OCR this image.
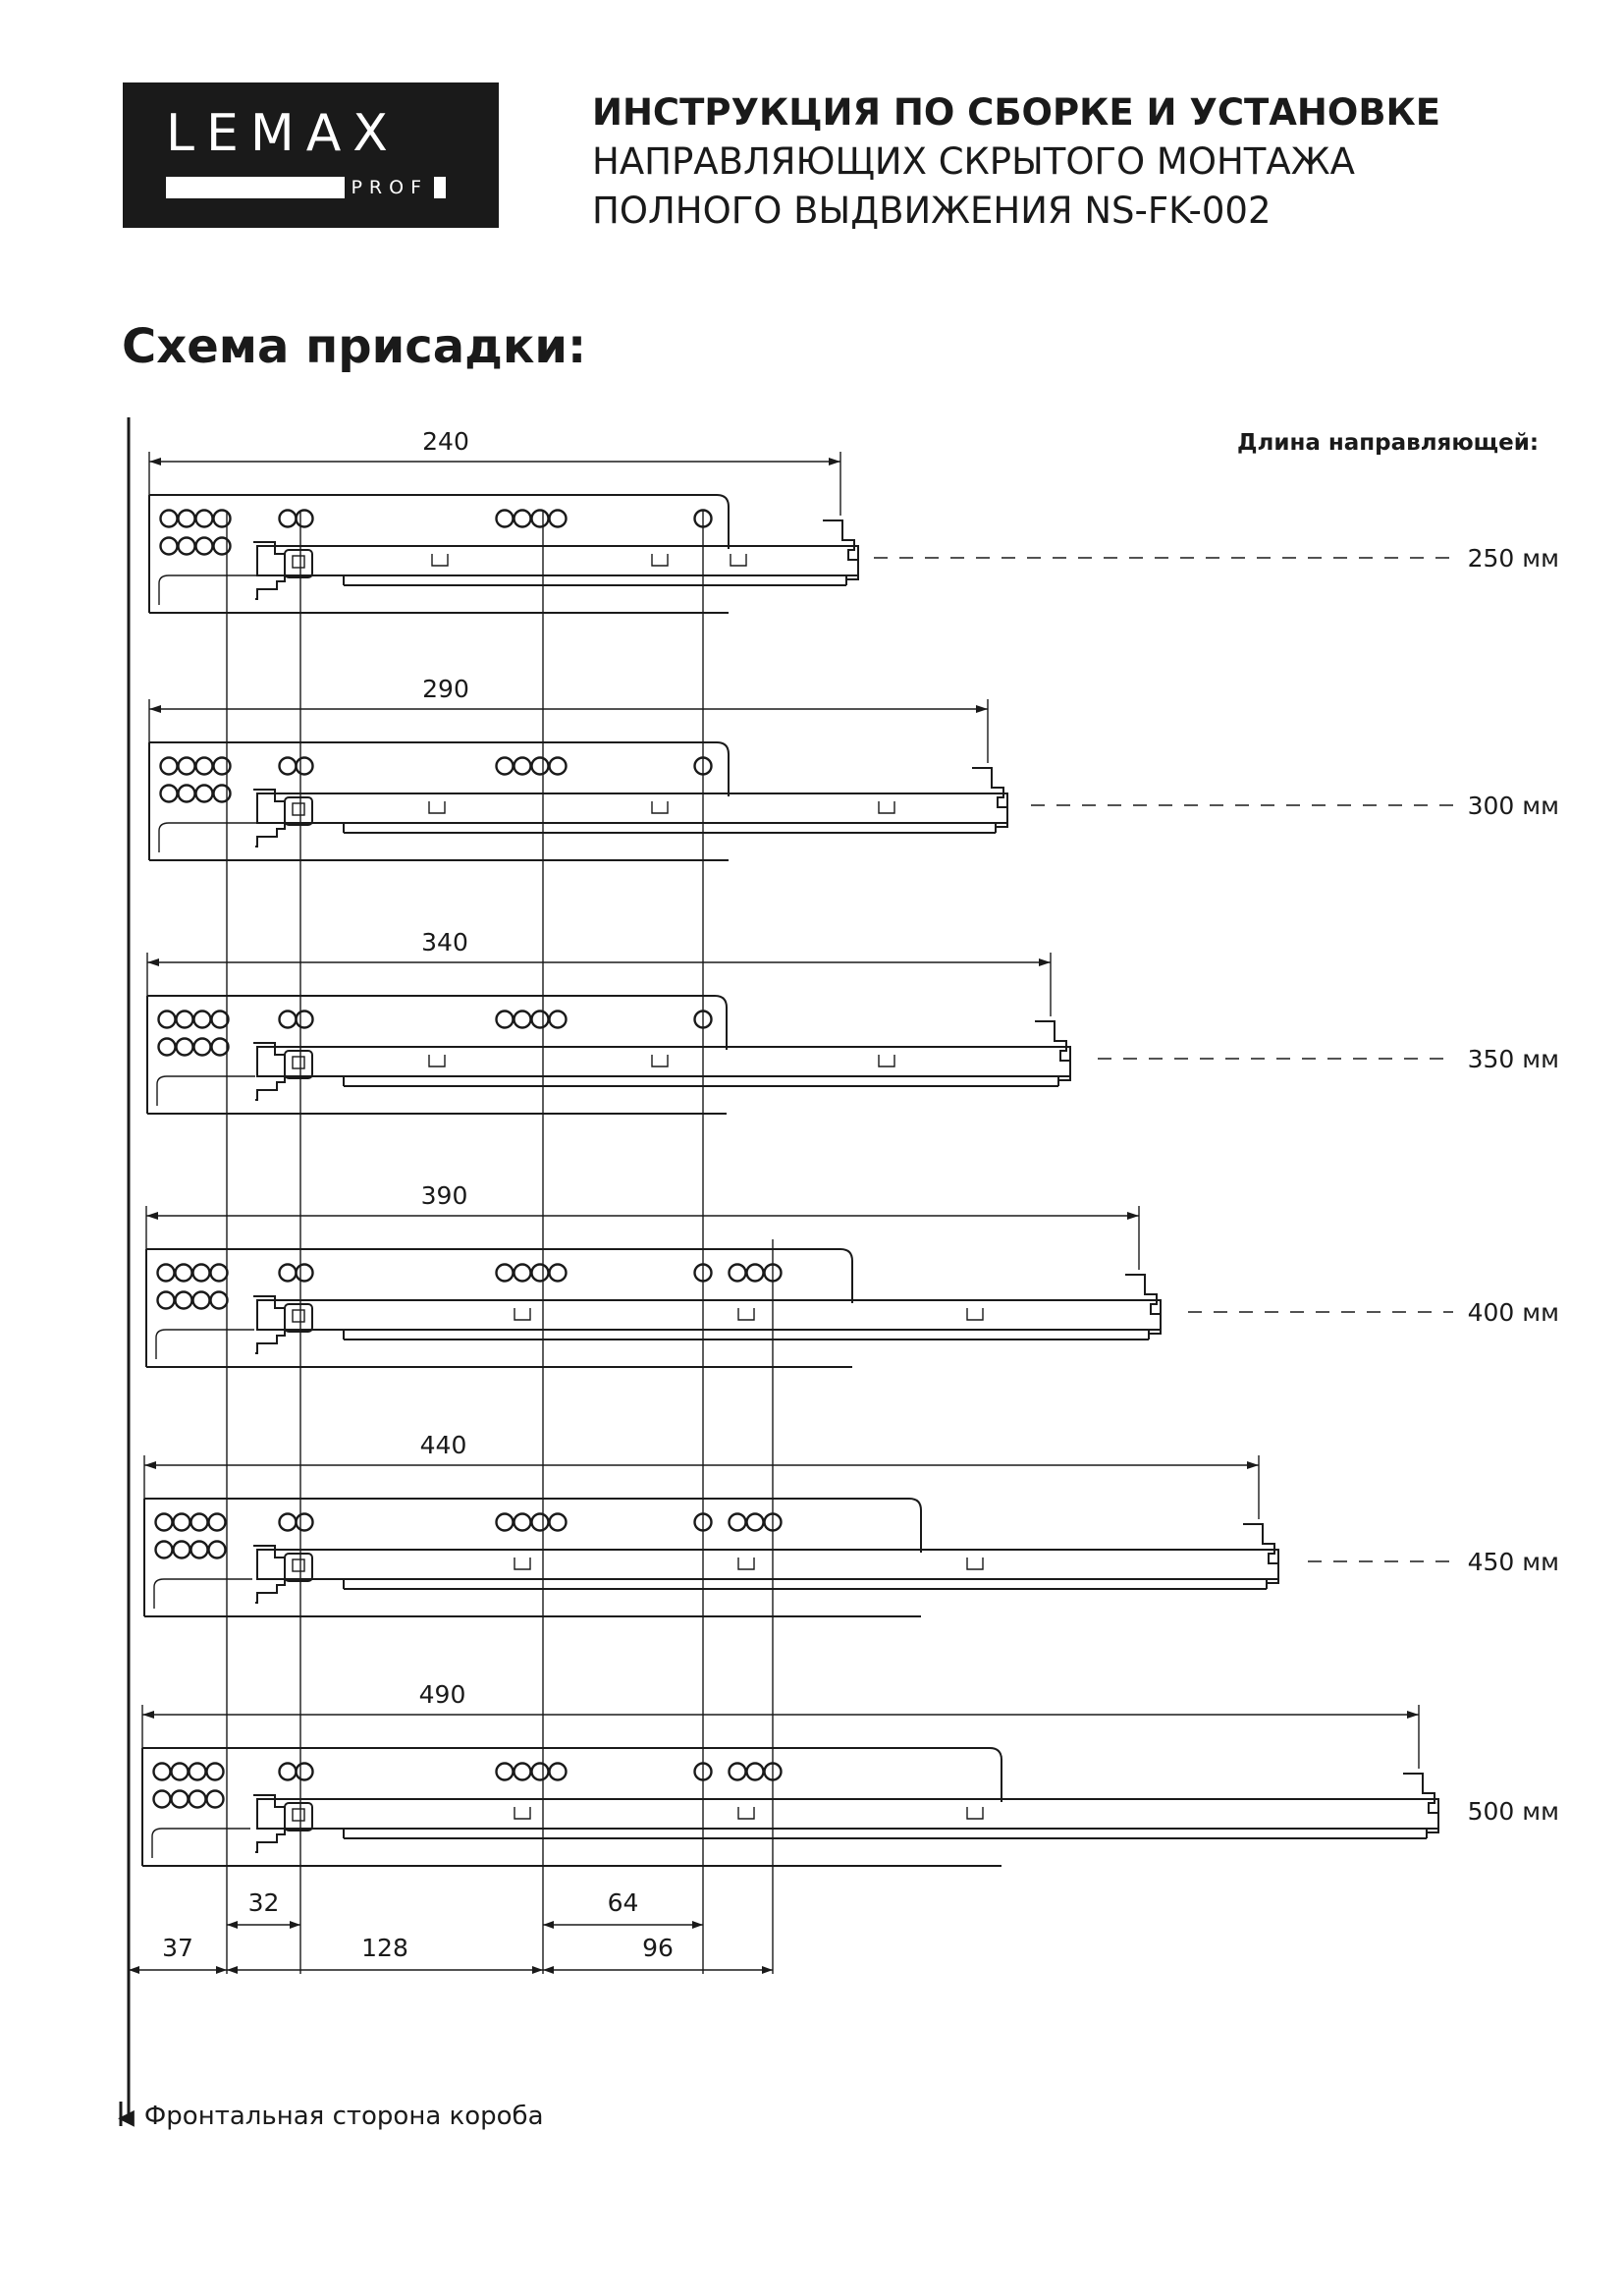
LEMAX
PROF
ИНСТРУКЦИЯ ПО СБОРКЕ И УСТАНОВКЕ
НАПРАВЛЯЮЩИХ СКРЫТОГО МОНТАЖА
ПОЛНОГО ВЫДВИЖЕНИЯ NS-FK-002
Схема присадки:
Длина направляющей:
240
250 мм
290
300 мм
340
350 мм
390
400 мм
440
450 мм
490
500 мм
32	64
37	128	96
◀ Фронтальная сторона короба
